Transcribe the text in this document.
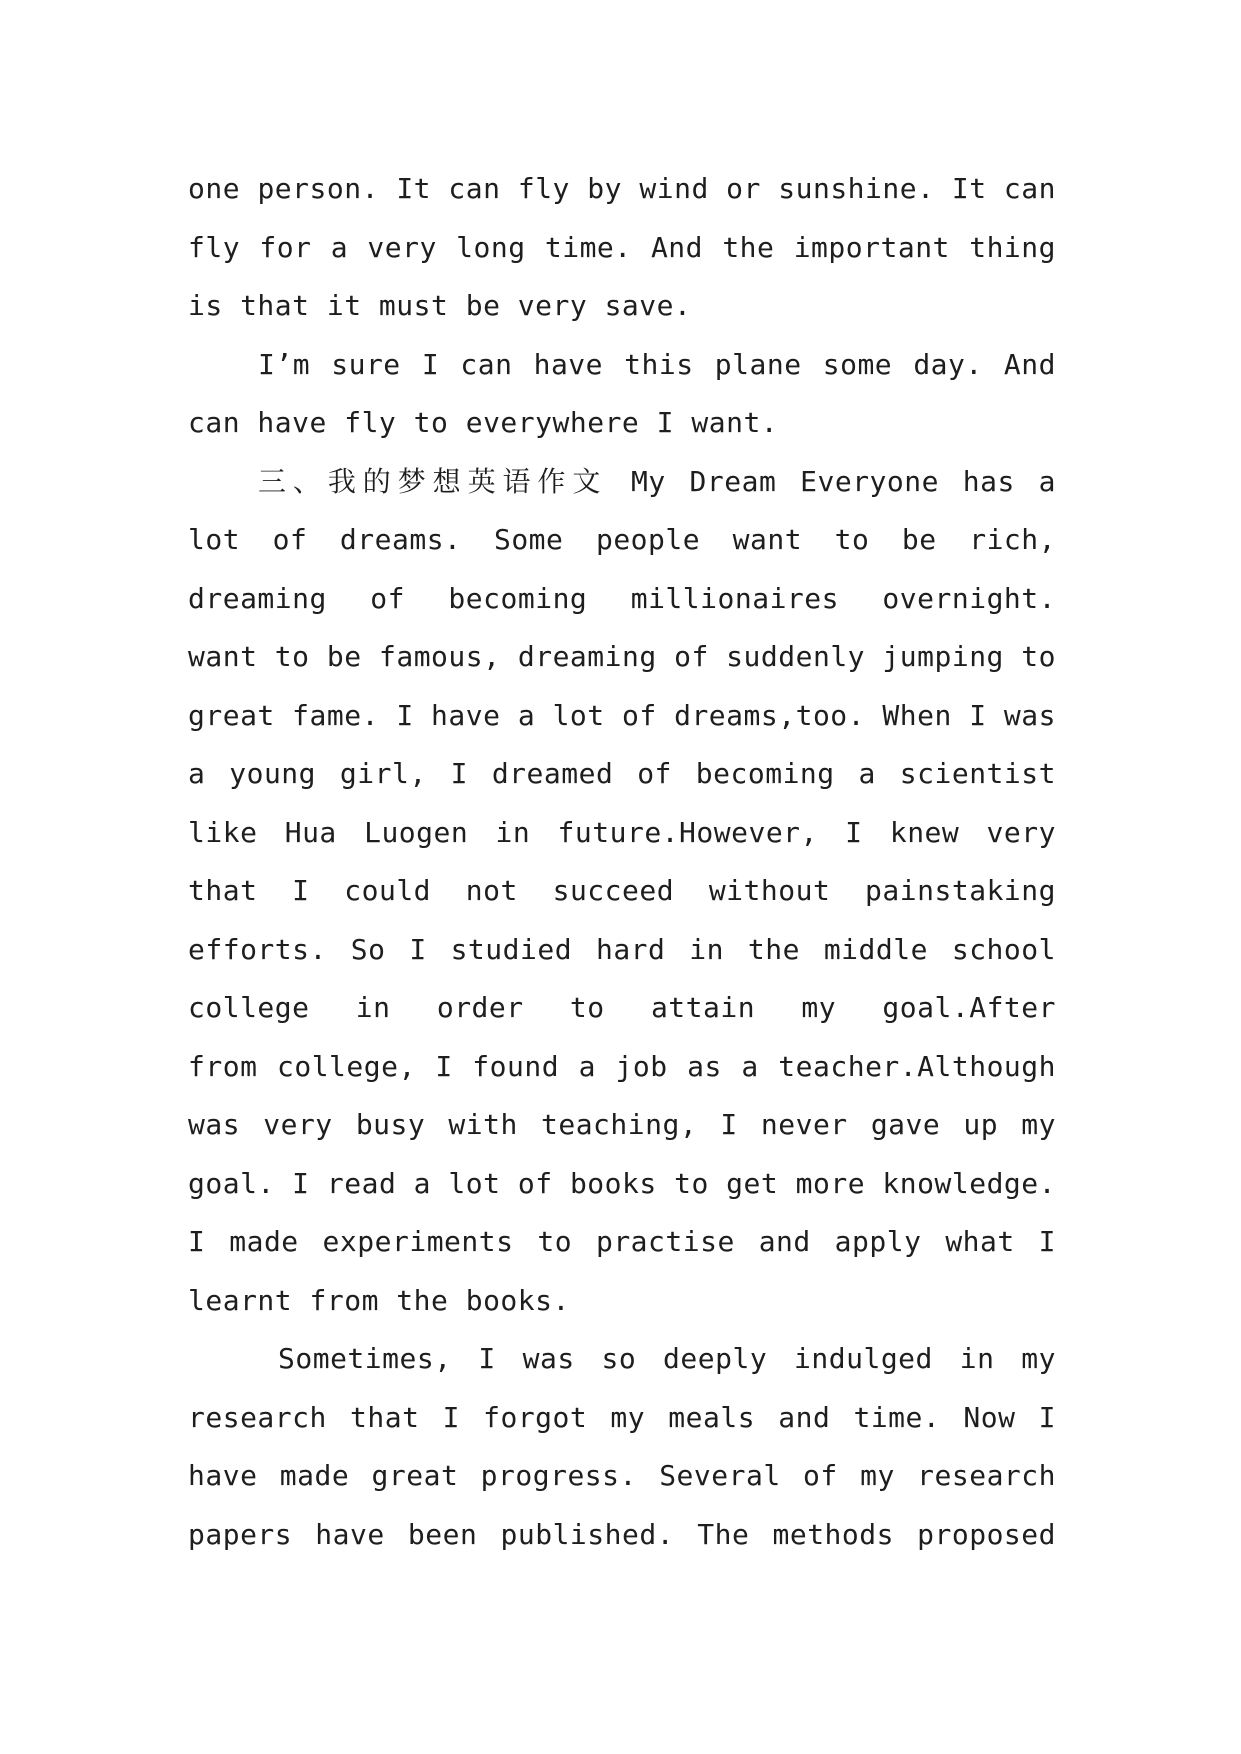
one person. It can fly by wind or sunshine. It can
fly for a very long time. And the important thing
is that it must be very save.
I’m sure I can have this plane some day. And
can have fly to everywhere I want.
三、我的梦想英语作文 My Dream Everyone has a
lot of dreams. Some people want to be rich,
dreaming of becoming millionaires overnight.
want to be famous, dreaming of suddenly jumping to
great fame. I have a lot of dreams,too. When I was
a young girl, I dreamed of becoming a scientist
like Hua Luogen in future.However, I knew very
that I could not succeed without painstaking
efforts. So I studied hard in the middle school
college in order to attain my goal.After
from college, I found a job as a teacher.Although
was very busy with teaching, I never gave up my
goal. I read a lot of books to get more knowledge.
I made experiments to practise and apply what I
learnt from the books.
Sometimes, I was so deeply indulged in my
research that I forgot my meals and time. Now I
have made great progress. Several of my research
papers have been published. The methods proposed
